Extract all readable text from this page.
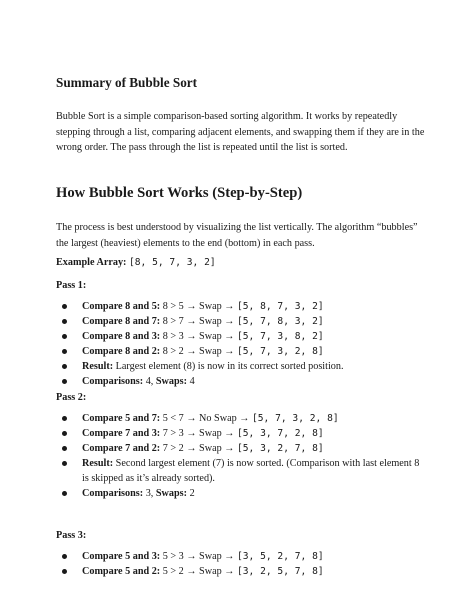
Summary of Bubble Sort
Bubble Sort is a simple comparison-based sorting algorithm. It works by repeatedly
stepping through a list, comparing adjacent elements, and swapping them if they are in the
wrong order. The pass through the list is repeated until the list is sorted.
How Bubble Sort Works (Step-by-Step)
The process is best understood by visualizing the list vertically. The algorithm “bubbles”
the largest (heaviest) elements to the end (bottom) in each pass.
Example Array: [8, 5, 7, 3, 2]
Pass 1:
Compare 8 and 5: 8 > 5 → Swap → [5, 8, 7, 3, 2]
Compare 8 and 7: 8 > 7 → Swap → [5, 7, 8, 3, 2]
Compare 8 and 3: 8 > 3 → Swap → [5, 7, 3, 8, 2]
Compare 8 and 2: 8 > 2 → Swap → [5, 7, 3, 2, 8]
Result: Largest element (8) is now in its correct sorted position.
Comparisons: 4, Swaps: 4
Pass 2:
Compare 5 and 7: 5 < 7 → No Swap → [5, 7, 3, 2, 8]
Compare 7 and 3: 7 > 3 → Swap → [5, 3, 7, 2, 8]
Compare 7 and 2: 7 > 2 → Swap → [5, 3, 2, 7, 8]
Result: Second largest element (7) is now sorted. (Comparison with last element 8
is skipped as it’s already sorted).
Comparisons: 3, Swaps: 2
Pass 3:
Compare 5 and 3: 5 > 3 → Swap → [3, 5, 2, 7, 8]
Compare 5 and 2: 5 > 2 → Swap → [3, 2, 5, 7, 8]
